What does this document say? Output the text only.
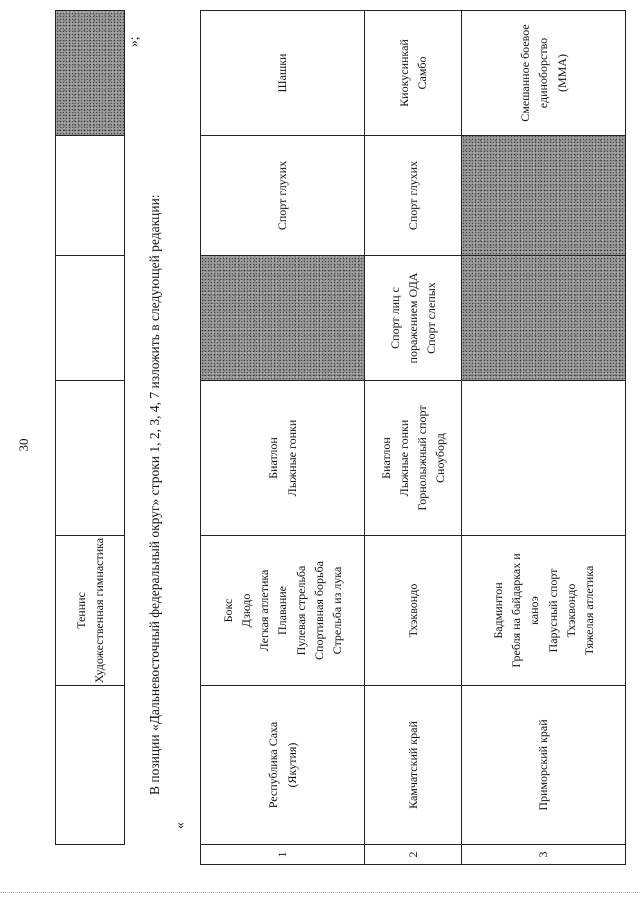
30
Теннис Художественная гимнастика
«
В позиции «Дальневосточный федеральный округ» строки 1, 2, 3, 4, 7 изложить в следующей редакции:
»;
1
Республика Саха (Якутия)
Бокс Дзюдо Легкая атлетика Плавание Пулевая стрельба Спортивная борьба Стрельба из лука
Биатлон Лыжные гонки
Спорт глухих
Шашки
2
Камчатский край
Тхэквондо
Биатлон Лыжные гонки Горнолыжный спорт Сноуборд
Спорт лиц с поражением ОДА Спорт слепых
Спорт глухих
Киокусинкай Самбо
3
Приморский край
Бадминтон Гребля на байдарках и каноэ Парусный спорт Тхэквондо Тяжелая атлетика
Смешанное боевое единоборство (ММА)
